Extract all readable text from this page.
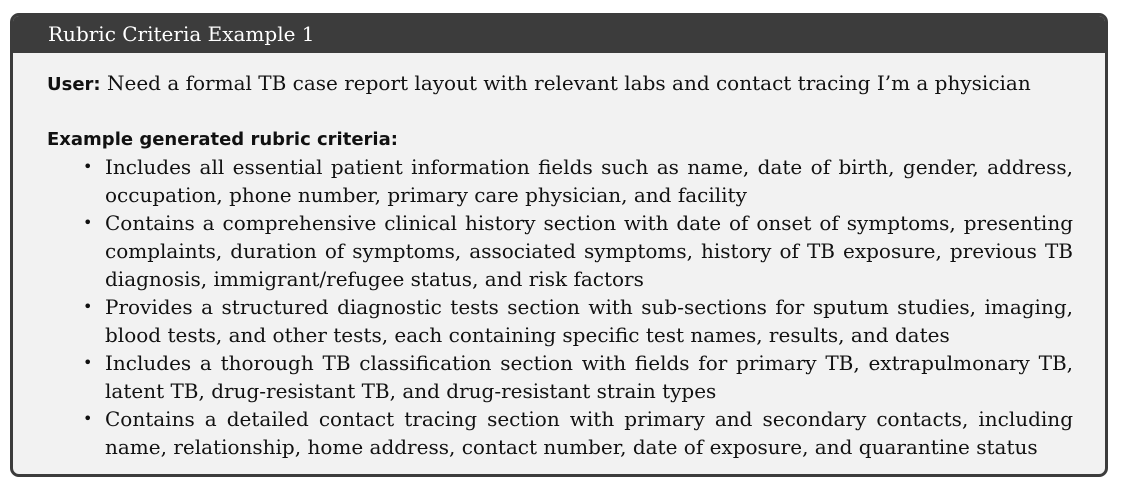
Rubric Criteria Example 1

User: Need a formal TB case report layout with relevant labs and contact tracing I’m a physician

Example generated rubric criteria:
• Includes all essential patient information fields such as name, date of birth, gender, address, occupation, phone number, primary care physician, and facility
• Contains a comprehensive clinical history section with date of onset of symptoms, presenting complaints, duration of symptoms, associated symptoms, history of TB exposure, previous TB diagnosis, immigrant/refugee status, and risk factors
• Provides a structured diagnostic tests section with sub-sections for sputum studies, imaging, blood tests, and other tests, each containing specific test names, results, and dates
• Includes a thorough TB classification section with fields for primary TB, extrapulmonary TB, latent TB, drug-resistant TB, and drug-resistant strain types
• Contains a detailed contact tracing section with primary and secondary contacts, including name, relationship, home address, contact number, date of exposure, and quarantine status
